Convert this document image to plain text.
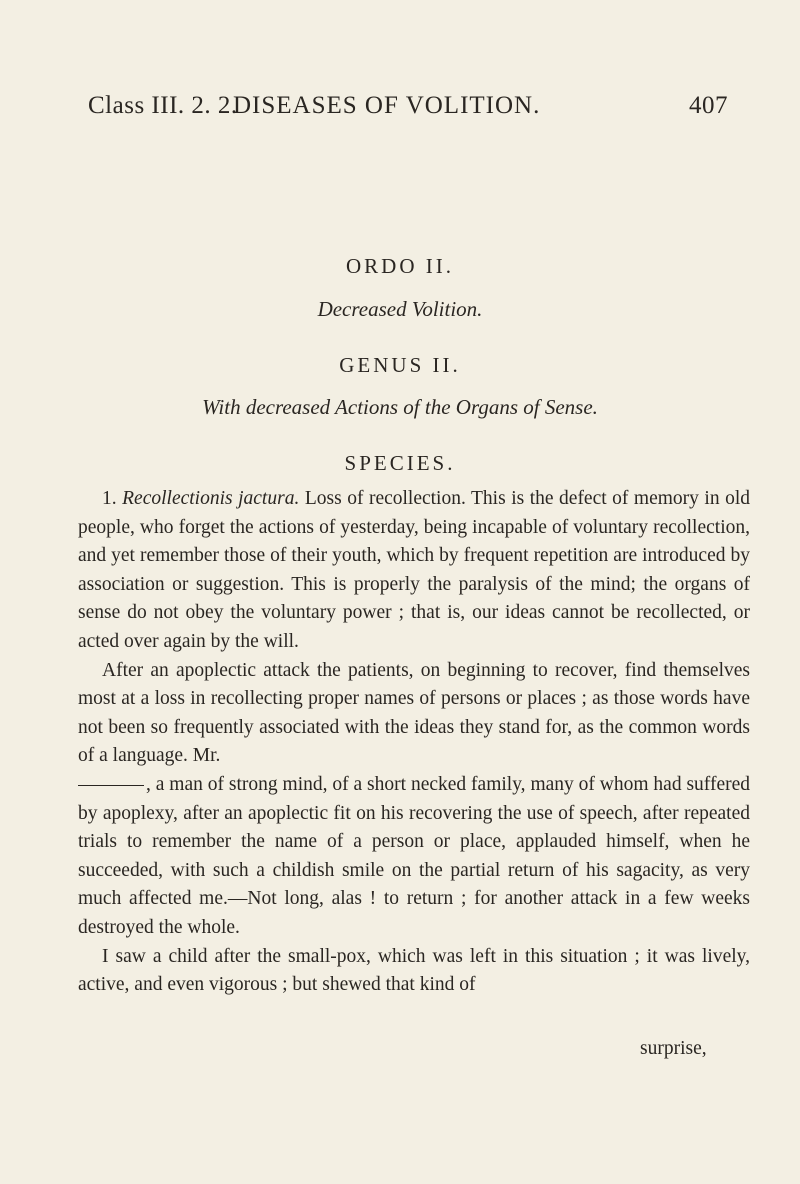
Class III. 2. 2.
DISEASES OF VOLITION.	407
ORDO II.
Decreased Volition.
GENUS II.
With decreased Actions of the Organs of Sense.
SPECIES.

1. Recollectionis jactura. Loss of recollection. This is the defect of memory in old people, who forget the actions of yesterday, being incapable of voluntary recollection, and yet remember those of their youth, which by frequent repetition are introduced by association or suggestion. This is properly the paralysis of the mind; the organs of sense do not obey the voluntary power ; that is, our ideas cannot be recollected, or acted over again by the will.

After an apoplectic attack the patients, on beginning to recover, find themselves most at a loss in recollecting proper names of persons or places ; as those words have not been so frequently associated with the ideas they stand for, as the common words of a language. Mr.
, a man of strong mind, of a short necked family, many of whom had suffered by apoplexy, after an apoplectic fit on his recovering the use of speech, after repeated trials to remember the name of a person or place, applauded himself, when he succeeded, with such a childish smile on the partial return of his sagacity, as very much affected me.—Not long, alas ! to return ; for another attack in a few weeks destroyed the whole.

I saw a child after the small-pox, which was left in this situation ; it was lively, active, and even vigorous ; but shewed that kind of

surprise,
